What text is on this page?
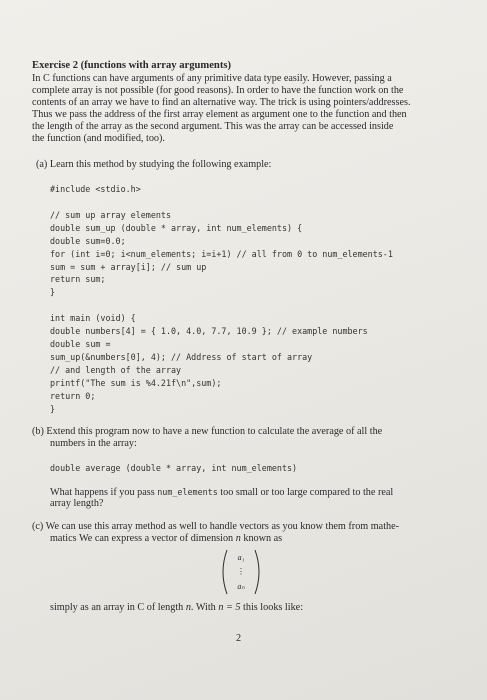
Exercise 2 (functions with array arguments)
In C functions can have arguments of any primitive data type easily. However, passing a
complete array is not possible (for good reasons). In order to have the function work on the
contents of an array we have to find an alternative way. The trick is using pointers/addresses.
Thus we pass the address of the first array element as argument one to the function and then
the length of the array as the second argument. This was the array can be accessed inside
the function (and modified, too).
(a) Learn this method by studying the following example:
#include <stdio.h>
// sum up array elements
double sum_up (double * array, int num_elements) {
double sum=0.0;
for (int i=0; i<num_elements; i=i+1) // all from 0 to num_elements-1
sum = sum + array[i]; // sum up
return sum;
}
int main (void) {
double numbers[4] = { 1.0, 4.0, 7.7, 10.9 }; // example numbers
double sum =
sum_up(&numbers[0], 4); // Address of start of array
// and length of the array
printf("The sum is %4.21f\n",sum);
return 0;
}
(b) Extend this program now to have a new function to calculate the average of all the
numbers in the array:
double average (double * array, int num_elements)
What happens if you pass num_elements too small or too large compared to the real
array length?
(c) We can use this array method as well to handle vectors as you know them from mathe-
matics We can express a vector of dimension n known as
a₁
⋮
aₙ
simply as an array in C of length n. With n = 5 this looks like:
2
